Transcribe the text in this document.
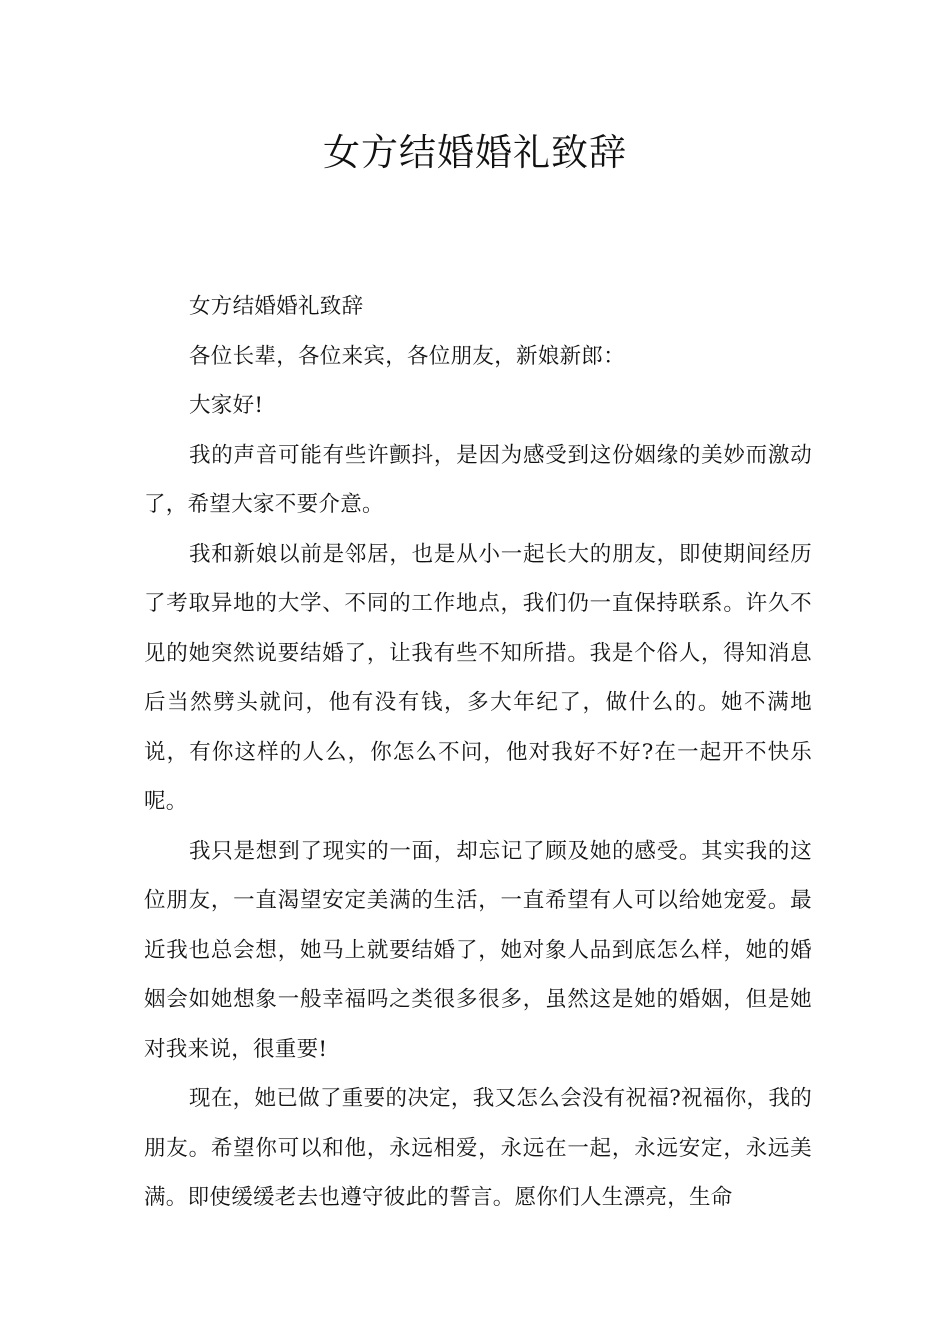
女方结婚婚礼致辞

女方结婚婚礼致辞

各位长辈，各位来宾，各位朋友，新娘新郎：

大家好!

我的声音可能有些许颤抖，是因为感受到这份姻缘的美妙而激动了，希望大家不要介意。

我和新娘以前是邻居，也是从小一起长大的朋友，即使期间经历了考取异地的大学、不同的工作地点，我们仍一直保持联系。许久不见的她突然说要结婚了，让我有些不知所措。我是个俗人，得知消息后当然劈头就问，他有没有钱，多大年纪了，做什么的。她不满地说，有你这样的人么，你怎么不问，他对我好不好?在一起开不快乐呢。

我只是想到了现实的一面，却忘记了顾及她的感受。其实我的这位朋友，一直渴望安定美满的生活，一直希望有人可以给她宠爱。最近我也总会想，她马上就要结婚了，她对象人品到底怎么样，她的婚姻会如她想象一般幸福吗之类很多很多，虽然这是她的婚姻，但是她对我来说，很重要!

现在，她已做了重要的决定，我又怎么会没有祝福?祝福你，我的朋友。希望你可以和他，永远相爱，永远在一起，永远安定，永远美满。即使缓缓老去也遵守彼此的誓言。愿你们人生漂亮，生命
